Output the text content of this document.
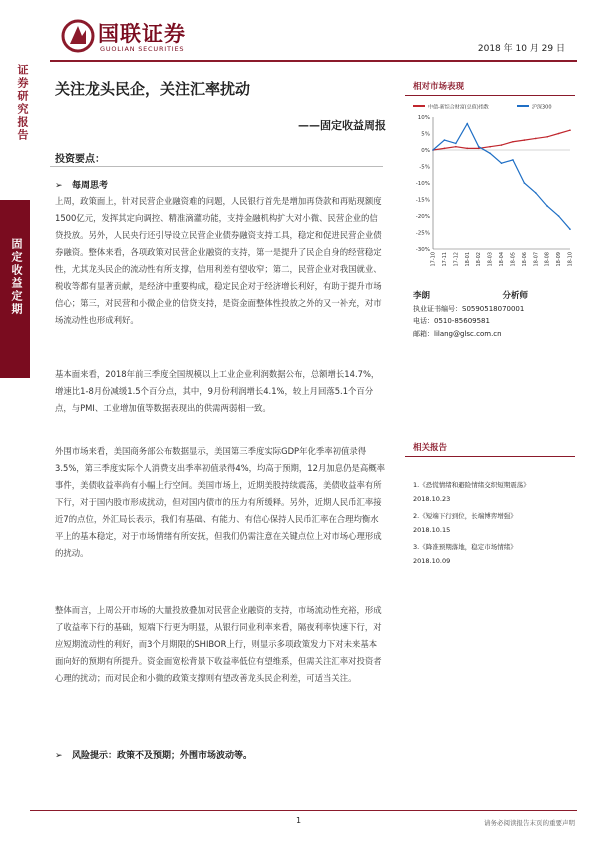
国联证券
GUOLIAN SECURITIES	2018 年 10 月 29 日
证券研究报告
固定收益定期
关注龙头民企，关注汇率扰动
——固定收益周报
投资要点：
➢ 每周思考
上周，政策面上，针对民营企业融资难的问题，人民银行首先是增加再贷款和再贴现额度1500亿元，发挥其定向调控、精准滴灌功能，支持金融机构扩大对小微、民营企业的信贷投放。另外，人民央行还引导设立民营企业债券融资支持工具，稳定和促进民营企业债券融资。整体来看，各项政策对民营企业融资的支持，第一是提升了民企自身的经营稳定性，尤其龙头民企的流动性有所支撑，信用利差有望收窄；第二，民营企业对我国就业、税收等都有显著贡献，是经济中重要构成，稳定民企对于经济增长利好，有助于提升市场信心；第三，对民营和小微企业的信贷支持，是资金面整体性投放之外的又一补充，对市场流动性也形成利好。
基本面来看，2018年前三季度全国规模以上工业企业利润数据公布，总额增长14.7%，增速比1-8月份减缓1.5个百分点，其中，9月份利润增长4.1%，较上月回落5.1个百分点，与PMI、工业增加值等数据表现出的供需两弱相一致。
外围市场来看，美国商务部公布数据显示，美国第三季度实际GDP年化季率初值录得3.5%，第三季度实际个人消费支出季率初值录得4%，均高于预期，12月加息仍是高概率事件，美债收益率尚有小幅上行空间。美国市场上，近期美股持续震荡，美债收益率有所下行，对于国内股市形成扰动，但对国内债市的压力有所缓释。另外，近期人民币汇率接近7的点位，外汇局长表示，我们有基础、有能力、有信心保持人民币汇率在合理均衡水平上的基本稳定，对于市场情绪有所安抚，但我们仍需注意在关键点位上对市场心理形成的扰动。
整体而言，上周公开市场的大量投放叠加对民营企业融资的支持，市场流动性充裕，形成了收益率下行的基础，短端下行更为明显，从银行同业利率来看，隔夜利率快速下行，对应短期流动性的利好，而3个月期限的SHIBOR上行，则显示多项政策发力下对未来基本面向好的预期有所提升。资金面宽松背景下收益率低位有望维系，但需关注汇率对投资者心理的扰动；而对民企和小微的政策支撑则有望改善龙头民企利差，可适当关注。
➢ 风险提示：政策不及预期；外围市场波动等。
相对市场表现
中债-新综合财富(总值)指数	沪深300
10%
5%
0%
-5%
-10%
-15%
-20%
-25%
-30%
17-10 17-11 17-12 18-01 18-02 18-03 18-04 18-05 18-06 18-07 18-08 18-09 18-10
李朗	分析师
执业证书编号：S0590518070001
电话：0510-85609581
邮箱：lilang@glsc.com.cn
相关报告
1.《恐慌情绪和避险情绪交织短期震荡》
2018.10.23
2.《短端下行到位，长端博弈增强》
2018.10.15
3.《降准预期落地，稳定市场情绪》
2018.10.09
1	请务必阅读报告末页的重要声明
